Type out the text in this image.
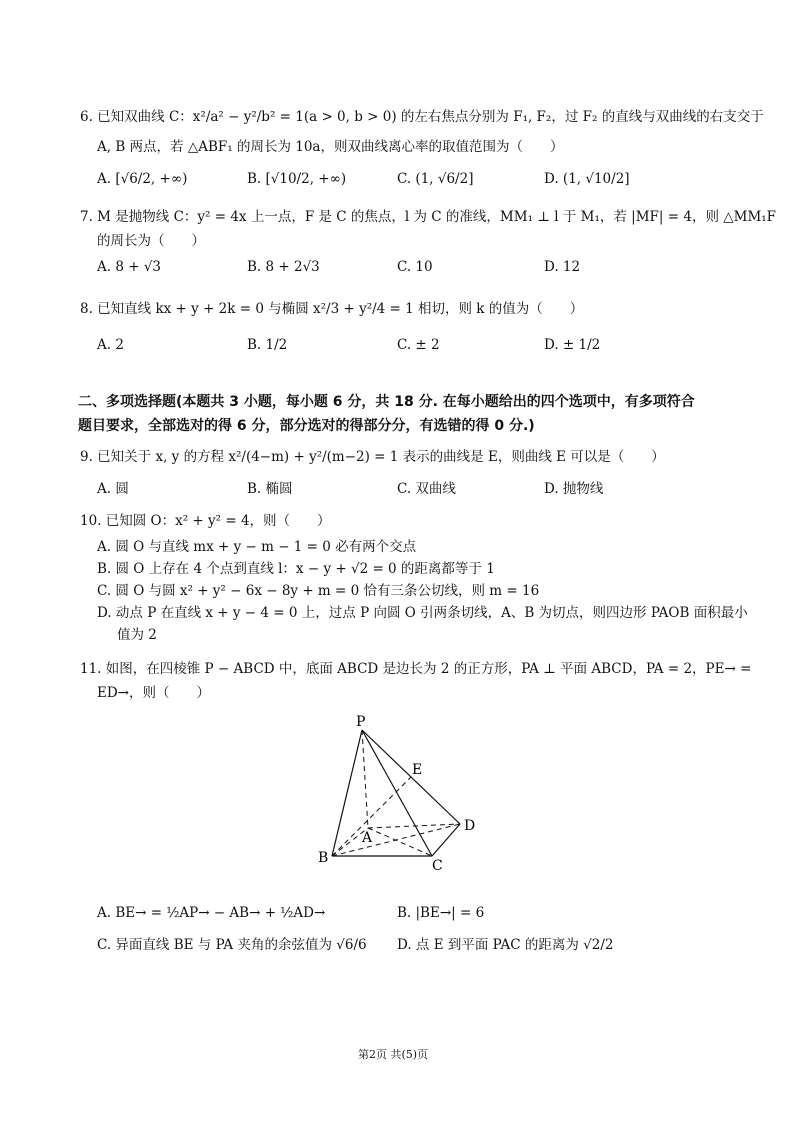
6. 已知双曲线 C：x²/a² − y²/b² = 1(a > 0, b > 0) 的左右焦点分别为 F₁, F₂，过 F₂ 的直线与双曲线的右支交于
A, B 两点，若 △ABF₁ 的周长为 10a，则双曲线离心率的取值范围为（　　）
A. [√6/2, +∞)	B. [√10/2, +∞)	C. (1, √6/2]	D. (1, √10/2]
7. M 是抛物线 C：y² = 4x 上一点，F 是 C 的焦点，l 为 C 的准线，MM₁ ⊥ l 于 M₁，若 |MF| = 4，则 △MM₁F
的周长为（　　）
A. 8 + √3	B. 8 + 2√3	C. 10	D. 12
8. 已知直线 kx + y + 2k = 0 与椭圆 x²/3 + y²/4 = 1 相切，则 k 的值为（　　）
A. 2	B. 1/2	C. ± 2	D. ± 1/2
二、多项选择题(本题共 3 小题，每小题 6 分，共 18 分. 在每小题给出的四个选项中，有多项符合
题目要求，全部选对的得 6 分，部分选对的得部分分，有选错的得 0 分.)
9. 已知关于 x, y 的方程 x²/(4−m) + y²/(m−2) = 1 表示的曲线是 E，则曲线 E 可以是（　　）
A. 圆	B. 椭圆	C. 双曲线	D. 抛物线
10. 已知圆 O：x² + y² = 4，则（　　）
A. 圆 O 与直线 mx + y − m − 1 = 0 必有两个交点
B. 圆 O 上存在 4 个点到直线 l：x − y + √2 = 0 的距离都等于 1
C. 圆 O 与圆 x² + y² − 6x − 8y + m = 0 恰有三条公切线，则 m = 16
D. 动点 P 在直线 x + y − 4 = 0 上，过点 P 向圆 O 引两条切线，A、B 为切点，则四边形 PAOB 面积最小
值为 2
11. 如图，在四棱锥 P − ABCD 中，底面 ABCD 是边长为 2 的正方形，PA ⊥ 平面 ABCD，PA = 2，PE→ =
ED→，则（　　）
P
E
A
D
B	C
A. BE→ = ½AP→ − AB→ + ½AD→	B. |BE→| = 6
C. 异面直线 BE 与 PA 夹角的余弦值为 √6/6 D. 点 E 到平面 PAC 的距离为 √2/2
第2页 共(5)页
